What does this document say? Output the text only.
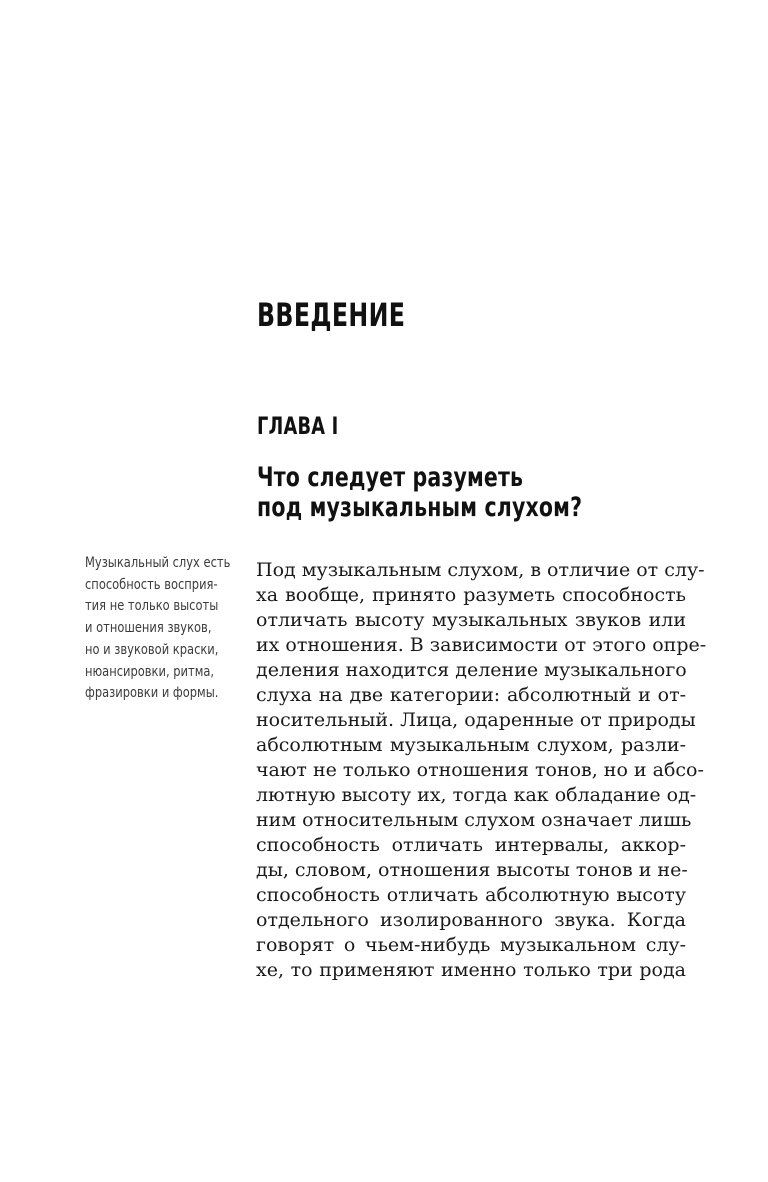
ВВЕДЕНИЕ
ГЛАВА I
Что следует разуметь
под музыкальным слухом?
Музыкальный слух есть
способность восприя-
тия не только высоты
и отношения звуков,
но и звуковой краски,
нюансировки, ритма,
фразировки и формы.
Под музыкальным слухом, в отличие от слу-
ха вообще, принято разуметь способность
отличать высоту музыкальных звуков или
их отношения. В зависимости от этого опре-
деления находится деление музыкального
слуха на две категории: абсолютный и от-
носительный. Лица, одаренные от природы
абсолютным музыкальным слухом, разли-
чают не только отношения тонов, но и абсо-
лютную высоту их, тогда как обладание од-
ним относительным слухом означает лишь
способность отличать интервалы, аккор-
ды, словом, отношения высоты тонов и не-
способность отличать абсолютную высоту
отдельного изолированного звука. Когда
говорят о чьем-нибудь музыкальном слу-
хе, то применяют именно только три рода
